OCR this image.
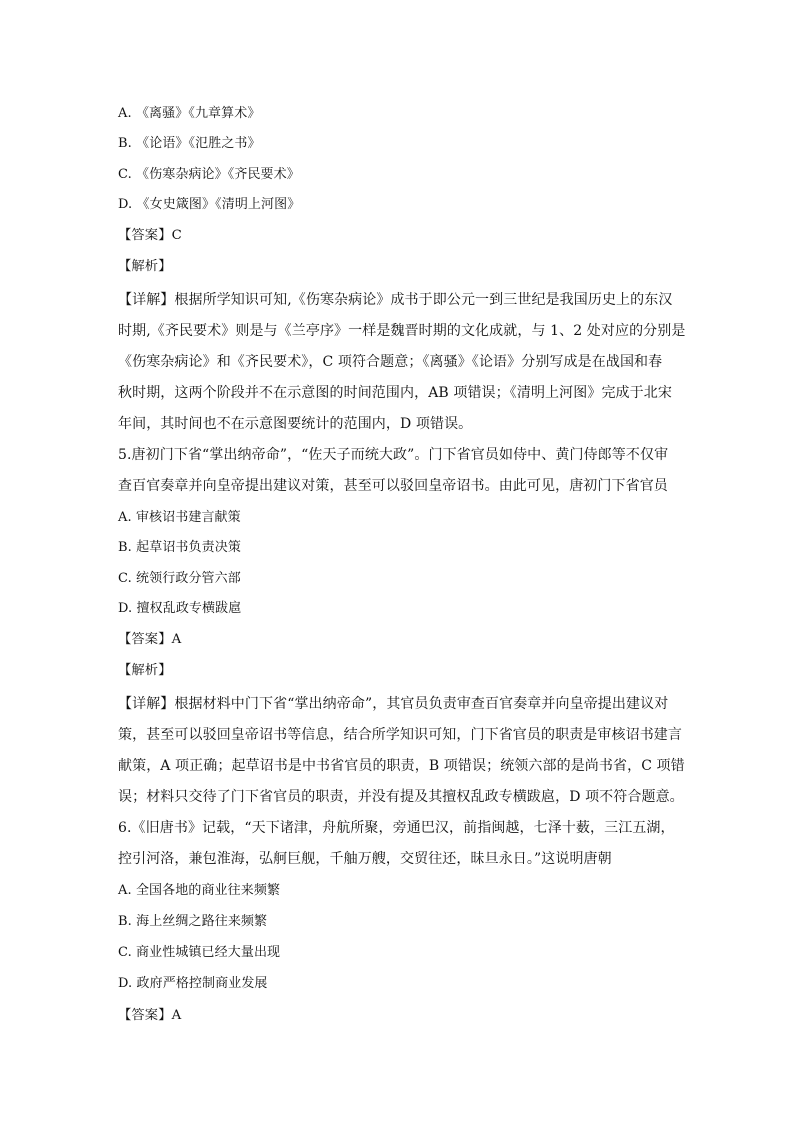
A. 《离骚》《九章算术》
B. 《论语》《氾胜之书》
C. 《伤寒杂病论》《齐民要术》
D. 《女史箴图》《清明上河图》
【答案】C
【解析】
【详解】根据所学知识可知,《伤寒杂病论》成书于即公元一到三世纪是我国历史上的东汉
时期,《齐民要术》则是与《兰亭序》一样是魏晋时期的文化成就，与 1、2 处对应的分别是
《伤寒杂病论》和《齐民要术》，C 项符合题意；《离骚》《论语》分别写成是在战国和春
秋时期，这两个阶段并不在示意图的时间范围内，AB 项错误；《清明上河图》完成于北宋
年间，其时间也不在示意图要统计的范围内，D 项错误。
5.唐初门下省“掌出纳帝命”，“佐天子而统大政”。门下省官员如侍中、黄门侍郎等不仅审
查百官奏章并向皇帝提出建议对策，甚至可以驳回皇帝诏书。由此可见，唐初门下省官员
A. 审核诏书建言献策
B. 起草诏书负责决策
C. 统领行政分管六部
D. 擅权乱政专横跋扈
【答案】A
【解析】
【详解】根据材料中门下省“掌出纳帝命”，其官员负责审查百官奏章并向皇帝提出建议对
策，甚至可以驳回皇帝诏书等信息，结合所学知识可知，门下省官员的职责是审核诏书建言
献策，A 项正确；起草诏书是中书省官员的职责，B 项错误；统领六部的是尚书省，C 项错
误；材料只交待了门下省官员的职责，并没有提及其擅权乱政专横跋扈，D 项不符合题意。
6.《旧唐书》记载，“天下诸津，舟航所聚，旁通巴汉，前指闽越，七泽十薮，三江五湖，
控引河洛，兼包淮海，弘舸巨舰，千舳万艘，交贸往还，昧旦永日。”这说明唐朝
A. 全国各地的商业往来频繁
B. 海上丝绸之路往来频繁
C. 商业性城镇已经大量出现
D. 政府严格控制商业发展
【答案】A
